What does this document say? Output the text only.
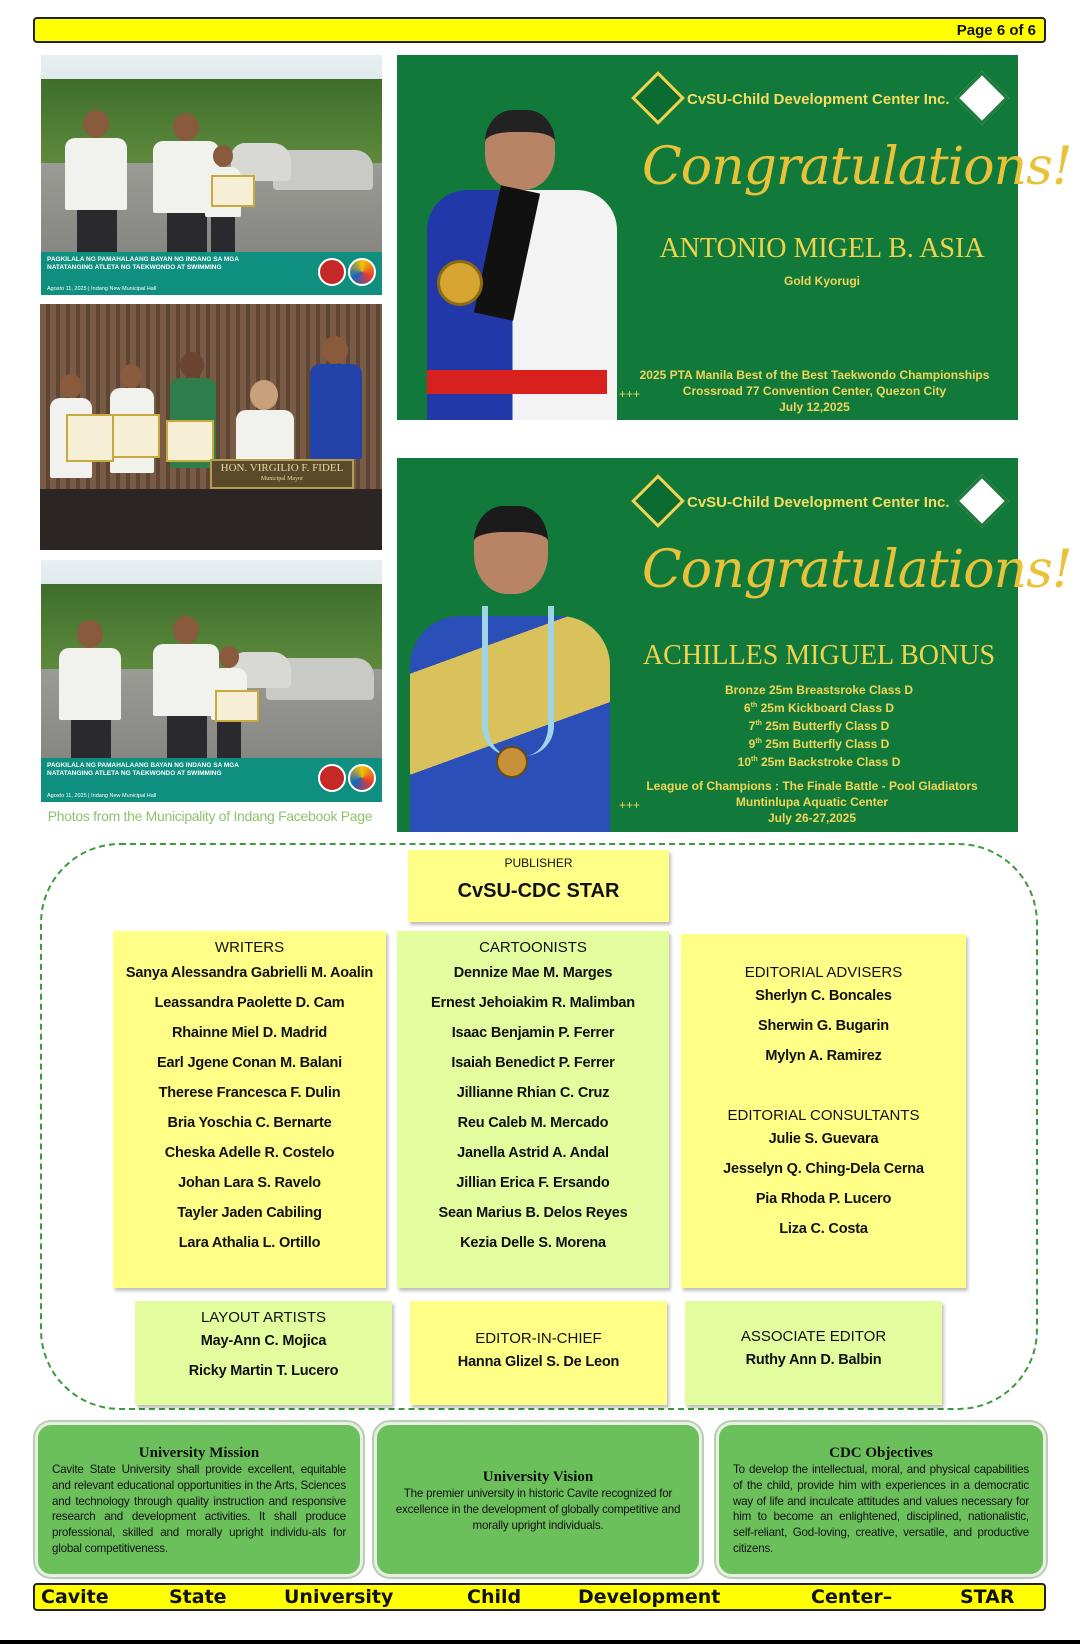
Page 6 of 6
PAGKILALA NG PAMAHALAANG BAYAN NG INDANG SA MGA
NATATANGING ATLETA NG TAEKWONDO AT SWIMMING
Agosto 11, 2025 | Indang New Municipal Hall
HON. VIRGILIO F. FIDEL
Municipal Mayor
PAGKILALA NG PAMAHALAANG BAYAN NG INDANG SA MGA
NATATANGING ATLETA NG TAEKWONDO AT SWIMMING
Agosto 11, 2025 | Indang New Municipal Hall
Photos from the Municipality of Indang Facebook Page
CvSU-Child Development Center Inc.
Congratulations!
ANTONIO MIGEL B. ASIA
Gold Kyorugi
2025 PTA Manila Best of the Best Taekwondo Championships
Crossroad 77 Convention Center, Quezon City
July 12,2025
+++
CvSU-Child Development Center Inc.
Congratulations!
ACHILLES MIGUEL BONUS
Bronze 25m Breastsroke Class D
6th 25m Kickboard Class D
7th 25m Butterfly Class D
9th 25m Butterfly Class D
10th 25m Backstroke Class D
League of Champions : The Finale Battle - Pool Gladiators
Muntinlupa Aquatic Center
July 26-27,2025
+++
PUBLISHER
CvSU-CDC STAR
WRITERS
Sanya Alessandra Gabrielli M. Aoalin
Leassandra Paolette D. Cam
Rhainne Miel D. Madrid
Earl Jgene Conan M. Balani
Therese Francesca F. Dulin
Bria Yoschia C. Bernarte
Cheska Adelle R. Costelo
Johan Lara S. Ravelo
Tayler Jaden Cabiling
Lara Athalia L. Ortillo
CARTOONISTS
Dennize Mae M. Marges
Ernest Jehoiakim R. Malimban
Isaac Benjamin P. Ferrer
Isaiah Benedict P. Ferrer
Jillianne Rhian C. Cruz
Reu Caleb M. Mercado
Janella Astrid A. Andal
Jillian Erica F. Ersando
Sean Marius B. Delos Reyes
Kezia Delle S. Morena
EDITORIAL ADVISERS
Sherlyn C. Boncales
Sherwin G. Bugarin
Mylyn A. Ramirez
EDITORIAL CONSULTANTS
Julie S. Guevara
Jesselyn Q. Ching-Dela Cerna
Pia Rhoda P. Lucero
Liza C. Costa
LAYOUT ARTISTS
May-Ann C. Mojica
Ricky Martin T. Lucero
EDITOR-IN-CHIEF
Hanna Glizel S. De Leon
ASSOCIATE EDITOR
Ruthy Ann D. Balbin
University Mission
Cavite State University shall provide excellent, equitable and relevant educational opportunities in the Arts, Sciences and technology through quality instruction and responsive research and development activities. It shall produce professional, skilled and morally upright individu-als for global competitiveness.
University Vision
The premier university in historic Cavite recognized for excellence in the development of globally competitive and morally upright individuals.
CDC Objectives
To develop the intellectual, moral, and physical capabilities of the child, provide him with experiences in a democratic way of life and inculcate attitudes and values necessary for him to become an enlightened, disciplined, nationalistic, self-reliant, God-loving, creative, versatile, and productive citizens.
Cavite	State	University	Child	Development	Center–	STAR
